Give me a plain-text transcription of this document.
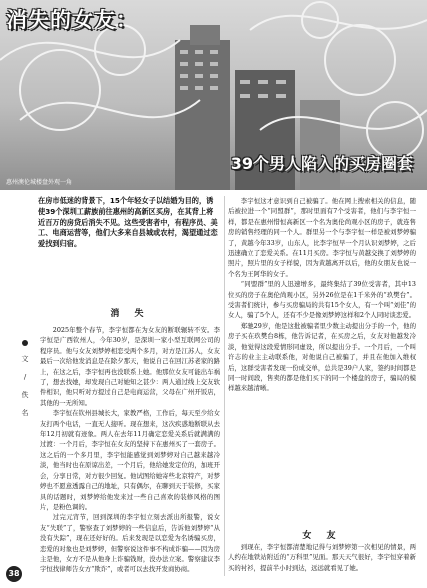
消失的女友：
39个男人陷入的买房圈套
惠州澳伦城楼盘外观一角

在房市低迷的背景下，15个年轻女子以结婚为目的，诱使39个深圳工薪族前往惠州的高新区买房，在其背上将近百万的房贷后消失不见。这些受害者中，有程序员、美工、电商运营等，他们大多来自县城或农村，渴望通过恋爱找到归宿。

文 / 佚 名
消 失

2025年整个春节，李宇恒都在为女友的断联辗转不安。李宇恒是广西钦州人，今年30岁，是深圳一家小型互联网公司的程序员。他与女友刘梦婷相恋受两个多月，对方是江苏人，女友最后一次给他发消息是在除夕那天，他说自己在回江苏老家的路上，在这之后，李宇恒再也没联系上她。他那位女友可能出车祸了，想去找她，却发现自己对她知之甚少：两人通过线上交友软件相识，他只听对方提过自己是电商运营，父母在广州开饭店，其他的一无所知。

李宇恒在钦州县城长大，家教严格，工作后，每天至少给女友打两个电话，一直无人接听。现在想来，这次疾惑地断联从去年12月初就有迹象。两人在去年11月确定恋爱关系后就满满的过渡：一个月后，李宇恒在女友的坚持下在惠州买了一套房子。这之后的一个多月里，李宇恒能感觉到刘梦婷对自己越来越冷淡，他当时也在原谅出差，一个月后，他给她发定位的，加班开会，分享日常，对方很少回复。他试图给她寄些北京特产，对梦婷也不愿意透露自己的地址，只有偶尔，在聊到天于装修，买家具的话题时，刘梦婷给他发来过一些自己喜欢的装修风格的图片，是粉色调的。

过完元宵节，回到深圳的李宇恒立刻去派出所报警，说女友“失联”了，警察查了刘梦婷的一些信息后，告诉他刘梦婷“从没有失踪”，现在还好好的。后来发现是以恋爱为名诱骗买房，恋爱的对象也是刘梦婷，但警察说这件事不构成诈骗——因为房主是他，女方不是从他身上诈骗钱财，没办法立案。警察建议李宇恒找律师告女方“欺诈”，或者可以去找开发商协商。

李宇恒这才意识到自己被骗了。他在网上搜索相关的信息，随后被拉进一个“同盟群”，那时里面有7个受害者，他们与李宇恒一样，都是在惠州惜恒高新区一个名为奥伦尚观小区的房子，就连售房的销售经理的同一个人。群里另一个与李宇恒一样是被刘梦婷骗了，黄越今年33岁，山东人，比李宇恒早一个月认识刘梦婷，之后迅速确立了恋爱关系。在11月买房。李宇恒与黄越交换了刘梦婷的照片，照片里的女子样貌，因为黄越离开以后，他的女朋友也说一个名为王阿华的女子。

“同盟群”里的人迅速增多，最终集结了39位受害者，其中13位买的房子在奥伦尚观小区，另外26位是在1千米外的“玖樊台”。受害者们统计，参与买房骗局的共有15个女人，有一个叫“刘佳”的女人，骗了5个人，还有不少是像刘梦婷这样和2个人同时谈恋爱。

郑驰29岁，他是这批被骗者里少数主动提出分手的一个，他的房子买在玖樊台8栋，他告诉记者，在买房之后，女友对他越发冷淡，他觉得这段爱情形同虚设，所以提出分手。一个月后，一个叫许志的业主主动联系他，对他说自己被骗了，并且在他加入维权后，这群受害者发现一份成交单，总共是39户人家，签约时间都是同一时间段，售卖的都是他们买下的同一个楼盘的房子，骗局的模样越来越清晰。

女 友

到现在，李宇恒都清楚地记得与刘梦婷第一次相见的情景，两人约在地铁站附近的“万科里”见面。那天天气很好，李宇恒穿着新买的衬衫，提前半小时到达，远远就看见了她。

38
